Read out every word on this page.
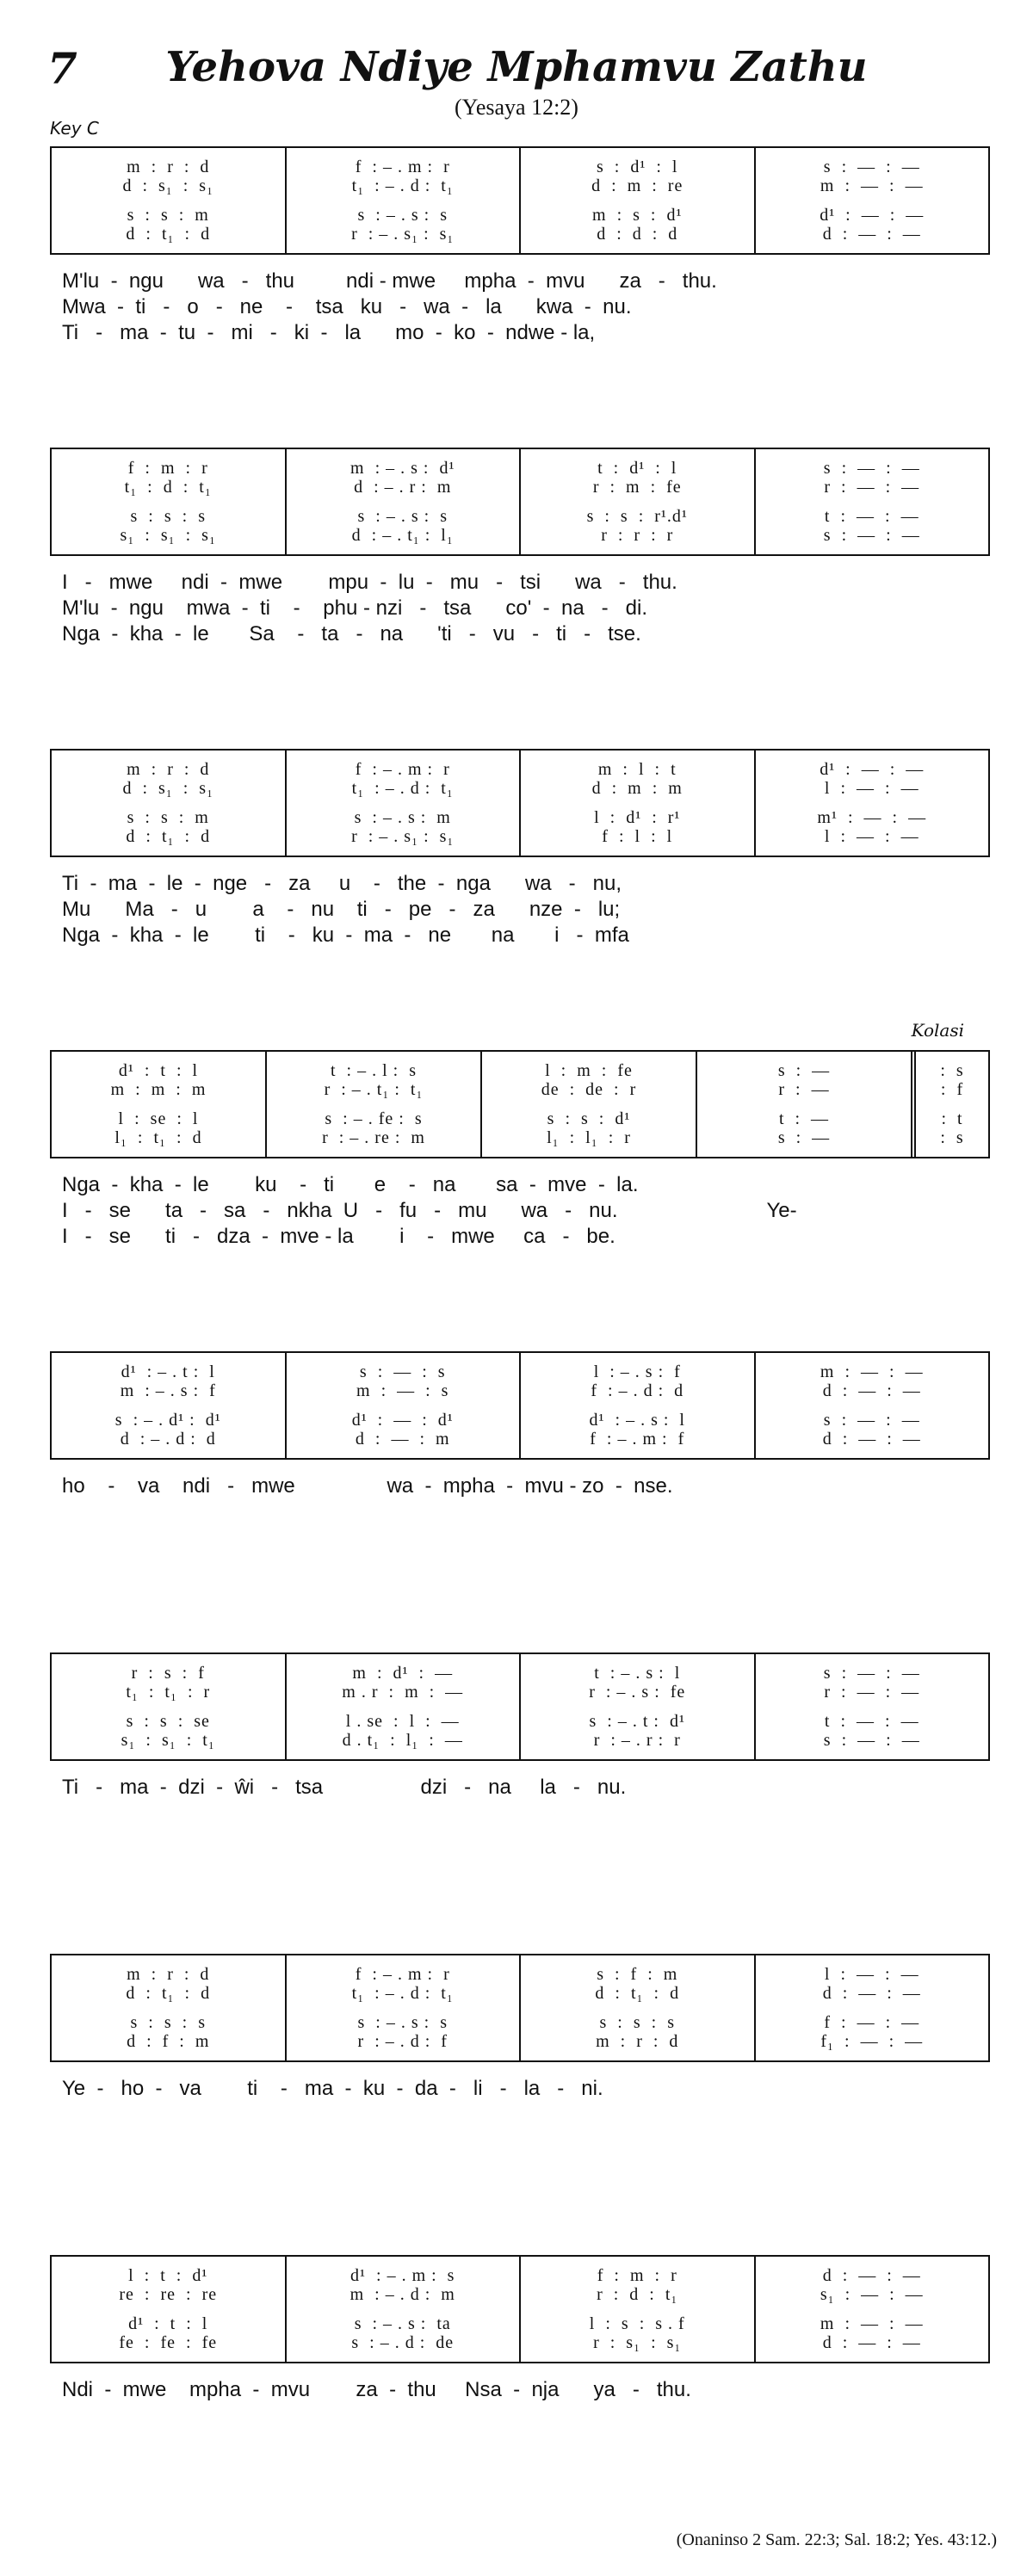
7	Yehova Ndiye Mphamvu Zathu
(Yesaya 12:2)
Key C
Kolasi
m  :  r  :  d
d  :  s₁  :  s₁
s  :  s  :  m
d  :  t₁  :  d
f  : – . m :  r
t₁  : – . d :  t₁
s  : – . s :  s
r  : – . s₁ :  s₁
s  :  d¹  :  l
d  :  m  :  re
m  :  s  :  d¹
d  :  d  :  d
s  :  —  :  —
m  :  —  :  —
d¹  :  —  :  —
d  :  —  :  —
M'lu  -  ngu      wa   -   thu         ndi - mwe     mpha  -  mvu      za   -   thu.
Mwa  -  ti   -   o   -   ne    -    tsa   ku   -   wa  -   la      kwa  -  nu.
Ti   -   ma  -  tu  -   mi   -   ki  -   la      mo  -  ko  -  ndwe - la,
f  :  m  :  r
t₁  :  d  :  t₁
s  :  s  :  s
s₁  :  s₁  :  s₁
m  : – . s :  d¹
d  : – . r :  m
s  : – . s :  s
d  : – . t₁ :  l₁
t  :  d¹  :  l
r  :  m  :  fe
s  :  s  :  r¹.d¹
r  :  r  :  r
s  :  —  :  —
r  :  —  :  —
t  :  —  :  —
s  :  —  :  —
I   -   mwe     ndi  -  mwe        mpu  -  lu  -   mu   -   tsi      wa   -   thu.
M'lu  -  ngu    mwa  -  ti    -    phu - nzi   -   tsa      co'  -  na   -   di.
Nga  -  kha  -  le       Sa    -   ta   -   na      'ti   -   vu   -   ti   -   tse.
m  :  r  :  d
d  :  s₁  :  s₁
s  :  s  :  m
d  :  t₁  :  d
f  : – . m :  r
t₁  : – . d :  t₁
s  : – . s :  m
r  : – . s₁ :  s₁
m  :  l  :  t
d  :  m  :  m
l  :  d¹  :  r¹
f  :  l  :  l
d¹  :  —  :  —
l  :  —  :  —
m¹  :  —  :  —
l  :  —  :  —
Ti  -  ma  -  le  -  nge   -   za     u    -   the  -  nga      wa   -   nu,
Mu      Ma   -   u        a    -   nu    ti   -   pe   -   za      nze  -   lu;
Nga  -  kha  -  le        ti    -   ku  -  ma  -   ne       na       i   -  mfa
d¹  :  t  :  l
m  :  m  :  m
l  :  se  :  l
l₁  :  t₁  :  d
t  : – . l :  s
r  : – . t₁ :  t₁
s  : – . fe :  s
r  : – . re :  m
l  :  m  :  fe
de  :  de  :  r
s  :  s  :  d¹
l₁  :  l₁  :  r
s  :  —
r  :  —
t  :  —
s  :  —
:  s
:  f
:  t
:  s
Nga  -  kha  -  le        ku    -   ti       e    -   na       sa  -  mve  -  la.
I   -   se      ta   -   sa   -   nkha  U   -   fu   -   mu      wa   -   nu.                          Ye-
I   -   se      ti   -   dza  -  mve - la        i    -   mwe     ca   -   be.
d¹  : – . t :  l
m  : – . s :  f
s  : – . d¹ :  d¹
d  : – . d :  d
s  :  —  :  s
m  :  —  :  s
d¹  :  —  :  d¹
d  :  —  :  m
l  : – . s :  f
f  : – . d :  d
d¹  : – . s :  l
f  : – . m :  f
m  :  —  :  —
d  :  —  :  —
s  :  —  :  —
d  :  —  :  —
ho    -    va    ndi   -   mwe                wa  -  mpha  -  mvu - zo  -  nse.
r  :  s  :  f
t₁  :  t₁  :  r
s  :  s  :  se
s₁  :  s₁  :  t₁
m  :  d¹  :  —
m . r  :  m  :  —
l . se  :  l  :  —
d . t₁  :  l₁  :  —
t  : – . s :  l
r  : – . s :  fe
s  : – . t :  d¹
r  : – . r :  r
s  :  —  :  —
r  :  —  :  —
t  :  —  :  —
s  :  —  :  —
Ti   -   ma  -  dzi  -  ŵi   -   tsa                 dzi   -   na     la   -   nu.
m  :  r  :  d
d  :  t₁  :  d
s  :  s  :  s
d  :  f  :  m
f  : – . m :  r
t₁  : – . d :  t₁
s  : – . s :  s
r  : – . d :  f
s  :  f  :  m
d  :  t₁  :  d
s  :  s  :  s
m  :  r  :  d
l  :  —  :  —
d  :  —  :  —
f  :  —  :  —
f₁  :  —  :  —
Ye  -   ho  -   va        ti    -   ma  -  ku  -  da  -   li   -   la   -   ni.
l  :  t  :  d¹
re  :  re  :  re
d¹  :  t  :  l
fe  :  fe  :  fe
d¹  : – . m :  s
m  : – . d :  m
s  : – . s :  ta
s  : – . d :  de
f  :  m  :  r
r  :  d  :  t₁
l  :  s  :  s . f
r  :  s₁  :  s₁
d  :  —  :  —
s₁  :  —  :  —
m  :  —  :  —
d  :  —  :  —
Ndi  -  mwe    mpha  -  mvu        za  -  thu     Nsa  -  nja      ya   -   thu.
(Onaninso 2 Sam. 22:3; Sal. 18:2; Yes. 43:12.)
